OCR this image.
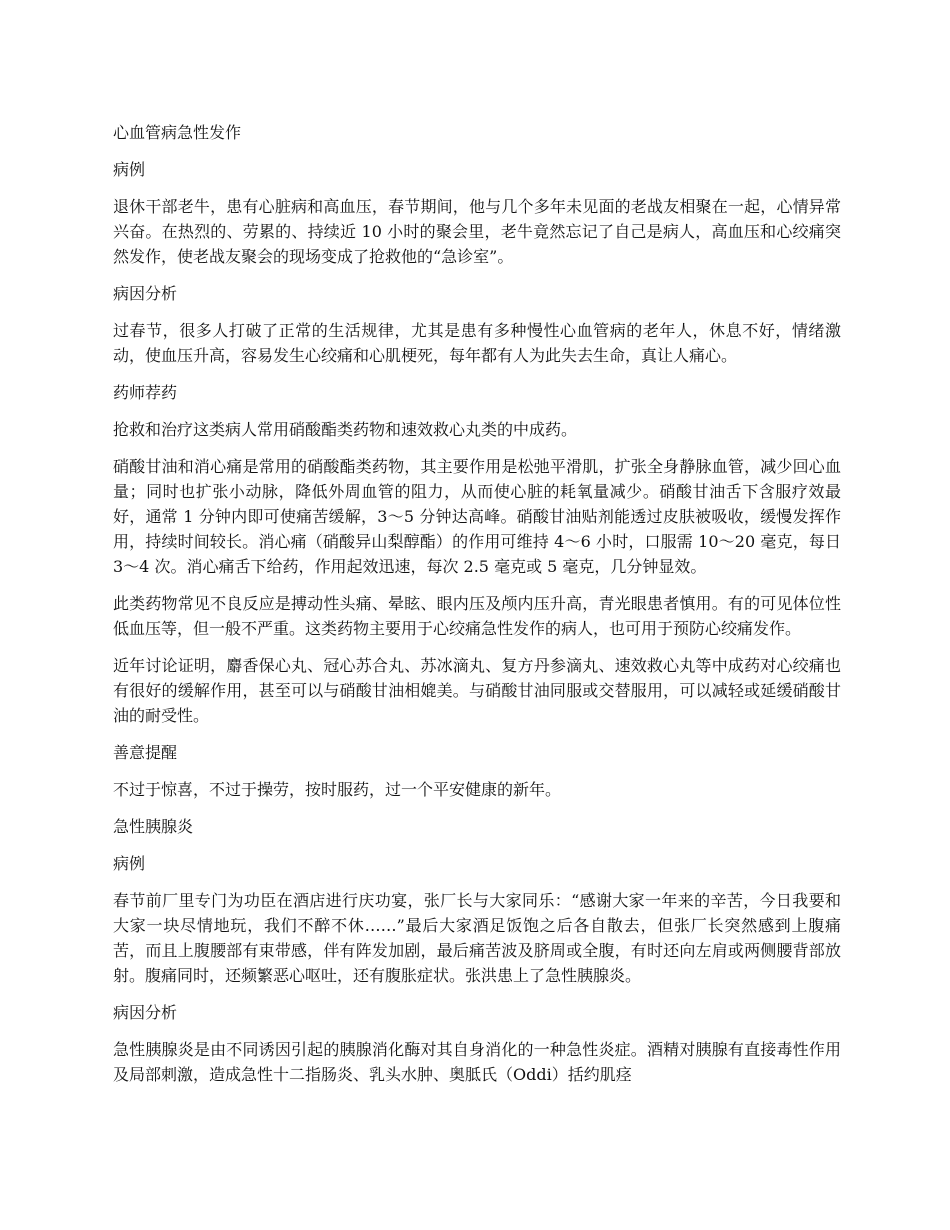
心血管病急性发作
病例
退休干部老牛，患有心脏病和高血压，春节期间，他与几个多年未见面的老战友相聚在一起，心情异常兴奋。在热烈的、劳累的、持续近 10 小时的聚会里，老牛竟然忘记了自己是病人，高血压和心绞痛突然发作，使老战友聚会的现场变成了抢救他的“急诊室”。
病因分析
过春节，很多人打破了正常的生活规律，尤其是患有多种慢性心血管病的老年人，休息不好，情绪激动，使血压升高，容易发生心绞痛和心肌梗死，每年都有人为此失去生命，真让人痛心。
药师荐药
抢救和治疗这类病人常用硝酸酯类药物和速效救心丸类的中成药。
硝酸甘油和消心痛是常用的硝酸酯类药物，其主要作用是松弛平滑肌，扩张全身静脉血管，减少回心血量；同时也扩张小动脉，降低外周血管的阻力，从而使心脏的耗氧量减少。硝酸甘油舌下含服疗效最好，通常 1 分钟内即可使痛苦缓解，3～5 分钟达高峰。硝酸甘油贴剂能透过皮肤被吸收，缓慢发挥作用，持续时间较长。消心痛（硝酸异山梨醇酯）的作用可维持 4～6 小时，口服需 10～20 毫克，每日 3～4 次。消心痛舌下给药，作用起效迅速，每次 2.5 毫克或 5 毫克，几分钟显效。
此类药物常见不良反应是搏动性头痛、晕眩、眼内压及颅内压升高，青光眼患者慎用。有的可见体位性低血压等，但一般不严重。这类药物主要用于心绞痛急性发作的病人，也可用于预防心绞痛发作。
近年讨论证明，麝香保心丸、冠心苏合丸、苏冰滴丸、复方丹参滴丸、速效救心丸等中成药对心绞痛也有很好的缓解作用，甚至可以与硝酸甘油相媲美。与硝酸甘油同服或交替服用，可以减轻或延缓硝酸甘油的耐受性。
善意提醒
不过于惊喜，不过于操劳，按时服药，过一个平安健康的新年。
急性胰腺炎
病例
春节前厂里专门为功臣在酒店进行庆功宴，张厂长与大家同乐：“感谢大家一年来的辛苦，今日我要和大家一块尽情地玩，我们不醉不休……”最后大家酒足饭饱之后各自散去，但张厂长突然感到上腹痛苦，而且上腹腰部有束带感，伴有阵发加剧，最后痛苦波及脐周或全腹，有时还向左肩或两侧腰背部放射。腹痛同时，还频繁恶心呕吐，还有腹胀症状。张洪患上了急性胰腺炎。
病因分析
急性胰腺炎是由不同诱因引起的胰腺消化酶对其自身消化的一种急性炎症。酒精对胰腺有直接毒性作用及局部刺激，造成急性十二指肠炎、乳头水肿、奥胝氏（Oddi）括约肌痉
